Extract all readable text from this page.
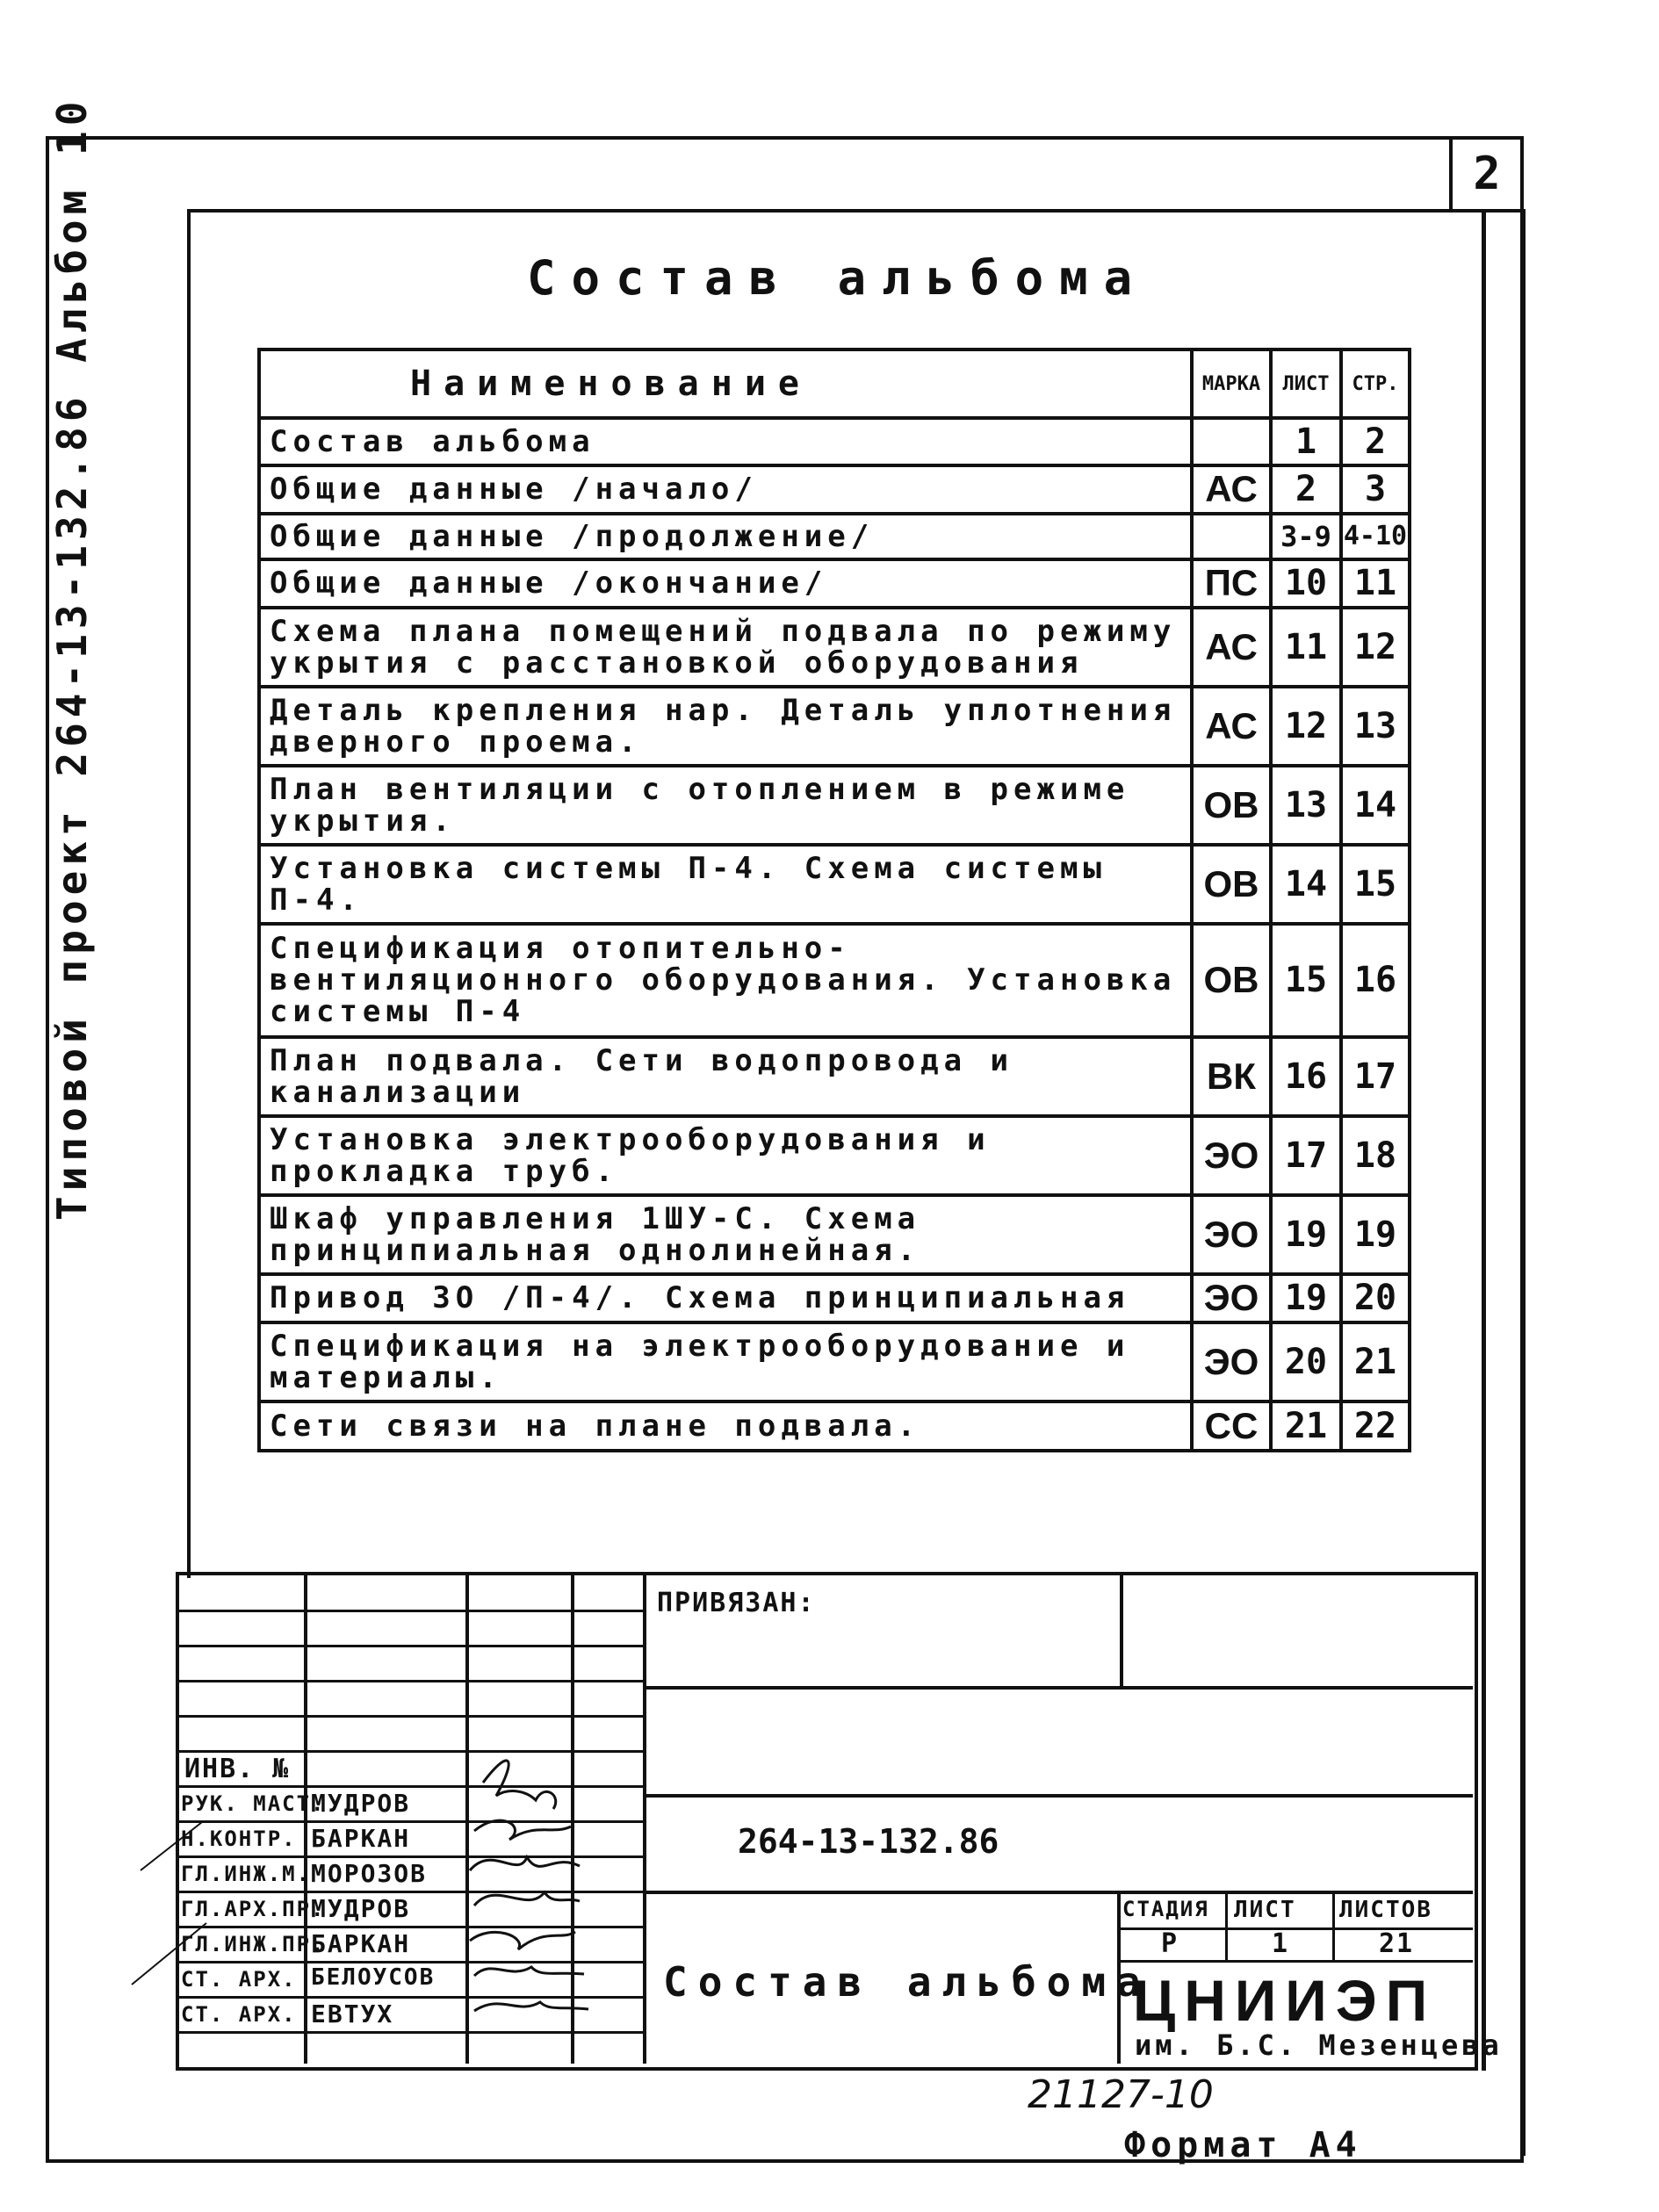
2
Типовой проект 264-13-132.86 Альбом 10	Состав альбома
Наименование	МАРКА	ЛИСТ	СТР.
Состав альбома		1	2
Общие данные /начало/	АС	2	3
Общие данные /продолжение/		3-9	4-10
Общие данные /окончание/	ПС	10	11
Схема плана помещений подвала по режиму укрытия с расстановкой оборудования	АС	11	12
Деталь крепления нар. Деталь уплотнения дверного проема.	АС	12	13
План вентиляции с отоплением в режиме укрытия.	ОВ	13	14
Установка системы П-4. Схема системы П-4.	ОВ	14	15
Спецификация отопительно-вентиляционного оборудования. Установка системы П-4	ОВ	15	16
План подвала. Сети водопровода и канализации	ВК	16	17
Установка электрооборудования и прокладка труб.	ЭО	17	18
Шкаф управления 1ШУ-С. Схема принципиальная однолинейная.	ЭО	19	19
Привод ЗО /П-4/. Схема принципиальная	ЭО	19	20
Спецификация на электрооборудование и материалы.	ЭО	20	21
Сети связи на плане подвала.	СС	21	22
ПРИВЯЗАН:
ИНВ. №
РУК. МАСТ.
МУДРОВ
Н.КОНТР. БАРКАН
ГЛ.ИНЖ.М. МОРОЗОВ
ГЛ.АРХ.ПР.
МУДРОВ
ГЛ.ИНЖ.ПР.
БАРКАН
СТ. АРХ. БЕЛОУСОВ
СТ. АРХ. ЕВТУХ
264-13-132.86
Состав альбома
СТАДИЯ ЛИСТ ЛИСТОВ
Р	1	21
ЦНИИЭП
им. Б.С. Мезенцева
21127-10
Формат А4
